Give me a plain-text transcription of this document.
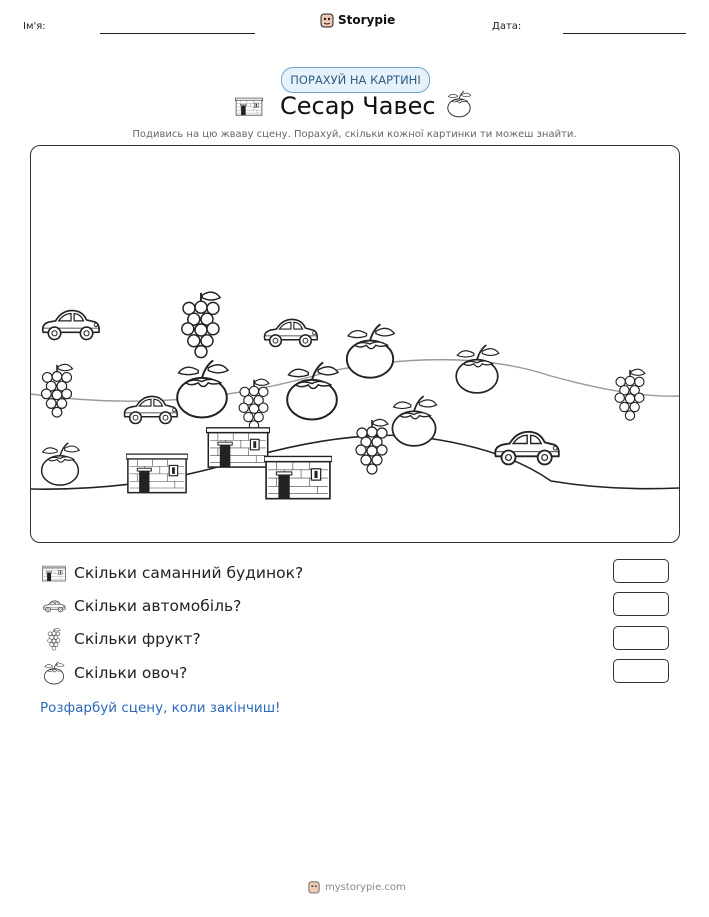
Ім'я:	Storypie	Дата:
ПОРАХУЙ НА КАРТИНІ
Сесар Чавес
Подивись на цю жваву сцену. Порахуй, скільки кожної картинки ти можеш знайти.
Скільки саманний будинок?
Скільки автомобіль?
Скільки фрукт?
Скільки овоч?
Розфарбуй сцену, коли закінчиш!
mystorypie.com
